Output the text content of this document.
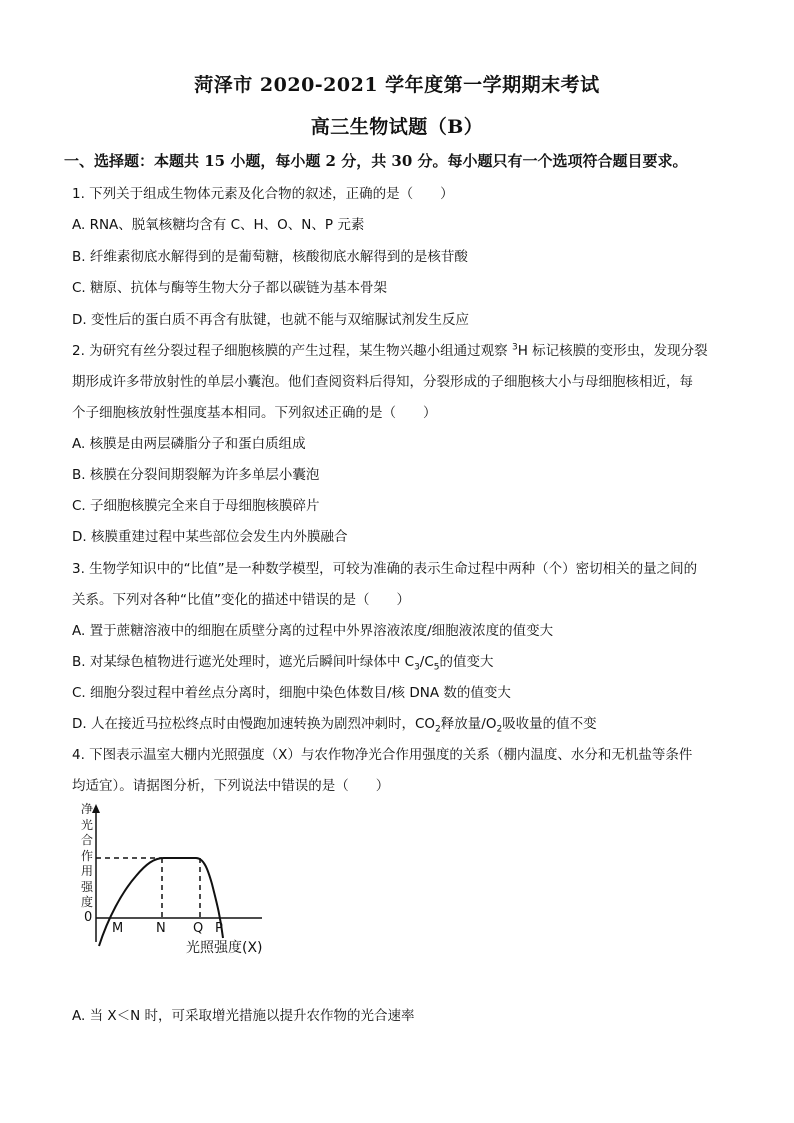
菏泽市 2020-2021 学年度第一学期期末考试
高三生物试题（B）
一、选择题：本题共 15 小题，每小题 2 分，共 30 分。每小题只有一个选项符合题目要求。
1. 下列关于组成生物体元素及化合物的叙述，正确的是（　　）
A. RNA、脱氧核糖均含有 C、H、O、N、P 元素
B. 纤维素彻底水解得到的是葡萄糖，核酸彻底水解得到的是核苷酸
C. 糖原、抗体与酶等生物大分子都以碳链为基本骨架
D. 变性后的蛋白质不再含有肽键，也就不能与双缩脲试剂发生反应
2. 为研究有丝分裂过程子细胞核膜的产生过程，某生物兴趣小组通过观察 $^3$H 标记核膜的变形虫，发现分裂
期形成许多带放射性的单层小囊泡。他们查阅资料后得知，分裂形成的子细胞核大小与母细胞核相近，每
个子细胞核放射性强度基本相同。下列叙述正确的是（　　）
A. 核膜是由两层磷脂分子和蛋白质组成
B. 核膜在分裂间期裂解为许多单层小囊泡
C. 子细胞核膜完全来自于母细胞核膜碎片
D. 核膜重建过程中某些部位会发生内外膜融合
3. 生物学知识中的“比值”是一种数学模型，可较为准确的表示生命过程中两种（个）密切相关的量之间的
关系。下列对各种“比值”变化的描述中错误的是（　　）
A. 置于蔗糖溶液中的细胞在质壁分离的过程中外界溶液浓度/细胞液浓度的值变大
B. 对某绿色植物进行遮光处理时，遮光后瞬间叶绿体中 $C_3/C_5$的值变大
C. 细胞分裂过程中着丝点分离时，细胞中染色体数目/核 DNA 数的值变大
D. 人在接近马拉松终点时由慢跑加速转换为剧烈冲刺时，$CO_2$释放量$/O_2$吸收量的值不变
4. 下图表示温室大棚内光照强度（X）与农作物净光合作用强度的关系（棚内温度、水分和无机盐等条件
均适宜）。请据图分析，下列说法中错误的是（　　）
净光合作用强度
0
M	N Q P
光照强度(X)
A. 当 X＜N 时，可采取增光措施以提升农作物的光合速率
